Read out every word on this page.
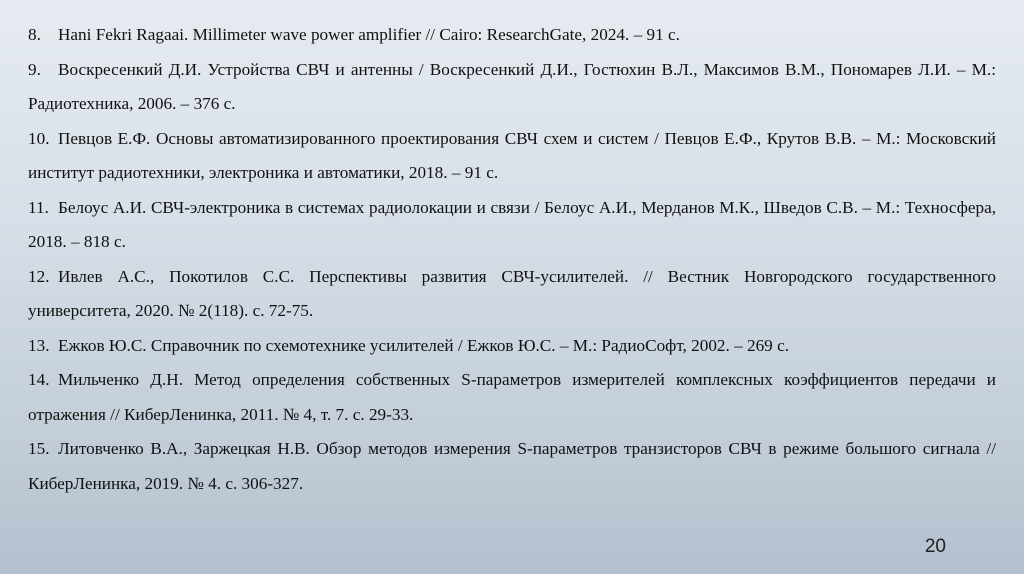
8. Hani Fekri Ragaai. Millimeter wave power amplifier // Cairo: ResearchGate, 2024. – 91 с.
9. Воскресенкий Д.И. Устройства СВЧ и антенны / Воскресенкий Д.И., Гостюхин В.Л., Максимов В.М., Пономарев Л.И. – М.: Радиотехника, 2006. – 376 с.
10. Певцов Е.Ф. Основы автоматизированного проектирования СВЧ схем и систем / Певцов Е.Ф., Крутов В.В. – М.: Московский институт радиотехники, электроника и автоматики, 2018. – 91 с.
11. Белоус А.И. СВЧ-электроника в системах радиолокации и связи / Белоус А.И., Мерданов М.К., Шведов С.В. – М.: Техносфера, 2018. – 818 с.
12. Ивлев А.С., Покотилов С.С. Перспективы развития СВЧ-усилителей. // Вестник Новгородского государственного университета, 2020. № 2(118). с. 72-75.
13. Ежков Ю.С. Справочник по схемотехнике усилителей / Ежков Ю.С. – М.: РадиоСофт, 2002. – 269 с.
14. Мильченко Д.Н. Метод определения собственных S-параметров измерителей комплексных коэффициентов передачи и отражения // КиберЛенинка, 2011. № 4, т. 7. с. 29-33.
15. Литовченко В.А., Заржецкая Н.В. Обзор методов измерения S-параметров транзисторов СВЧ в режиме большого сигнала // КиберЛенинка, 2019. № 4. с. 306-327.
20
